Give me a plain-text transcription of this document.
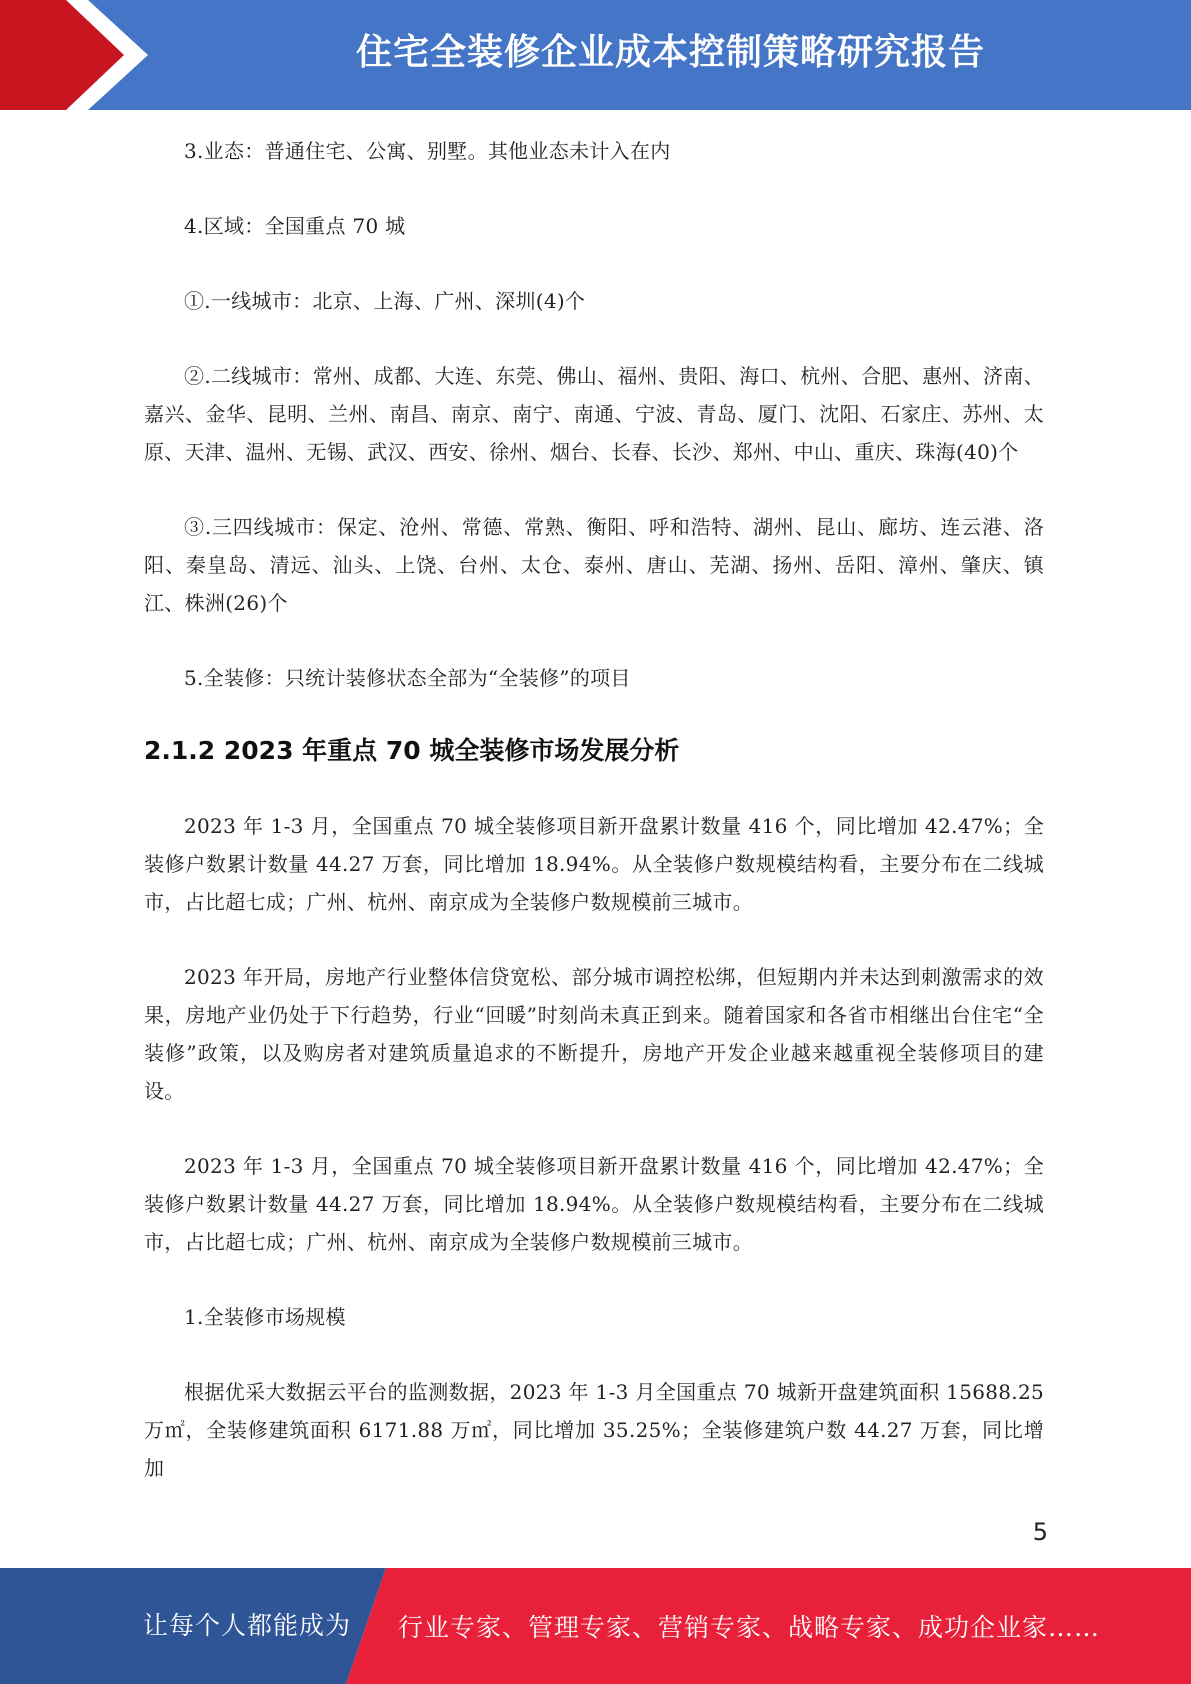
住宅全装修企业成本控制策略研究报告

3.业态：普通住宅、公寓、别墅。其他业态未计入在内

4.区域：全国重点 70 城

①.一线城市：北京、上海、广州、深圳(4)个

②.二线城市：常州、成都、大连、东莞、佛山、福州、贵阳、海口、杭州、合肥、惠州、济南、嘉兴、金华、昆明、兰州、南昌、南京、南宁、南通、宁波、青岛、厦门、沈阳、石家庄、苏州、太原、天津、温州、无锡、武汉、西安、徐州、烟台、长春、长沙、郑州、中山、重庆、珠海(40)个

③.三四线城市：保定、沧州、常德、常熟、衡阳、呼和浩特、湖州、昆山、廊坊、连云港、洛阳、秦皇岛、清远、汕头、上饶、台州、太仓、泰州、唐山、芜湖、扬州、岳阳、漳州、肇庆、镇江、株洲(26)个

5.全装修：只统计装修状态全部为“全装修”的项目

2.1.2 2023 年重点 70 城全装修市场发展分析

2023 年 1-3 月，全国重点 70 城全装修项目新开盘累计数量 416 个，同比增加 42.47%；全装修户数累计数量 44.27 万套，同比增加 18.94%。从全装修户数规模结构看，主要分布在二线城市，占比超七成；广州、杭州、南京成为全装修户数规模前三城市。

2023 年开局，房地产行业整体信贷宽松、部分城市调控松绑，但短期内并未达到刺激需求的效果，房地产业仍处于下行趋势，行业“回暖”时刻尚未真正到来。随着国家和各省市相继出台住宅“全装修”政策，以及购房者对建筑质量追求的不断提升，房地产开发企业越来越重视全装修项目的建设。

2023 年 1-3 月，全国重点 70 城全装修项目新开盘累计数量 416 个，同比增加 42.47%；全装修户数累计数量 44.27 万套，同比增加 18.94%。从全装修户数规模结构看，主要分布在二线城市，占比超七成；广州、杭州、南京成为全装修户数规模前三城市。

1.全装修市场规模

根据优采大数据云平台的监测数据，2023 年 1-3 月全国重点 70 城新开盘建筑面积 15688.25 万㎡，全装修建筑面积 6171.88 万㎡，同比增加 35.25%；全装修建筑户数 44.27 万套，同比增加

5
让每个人都能成为 行业专家、管理专家、营销专家、战略专家、成功企业家……
